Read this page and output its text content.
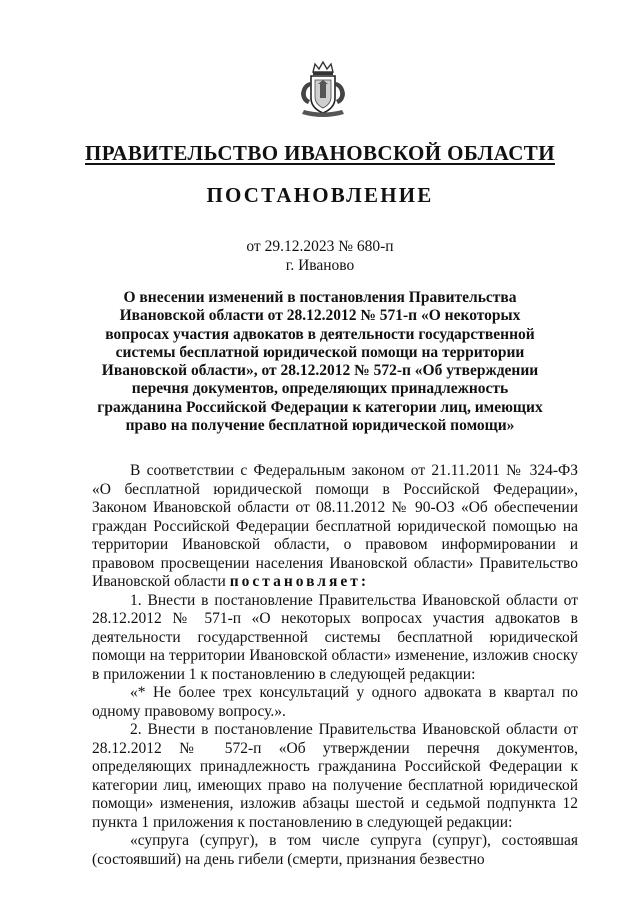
ПРАВИТЕЛЬСТВО ИВАНОВСКОЙ ОБЛАСТИ
ПОСТАНОВЛЕНИЕ
от 29.12.2023 № 680-п
г. Иваново
О внесении изменений в постановления Правительства Ивановской области от 28.12.2012 № 571-п «О некоторых вопросах участия адвокатов в деятельности государственной системы бесплатной юридической помощи на территории Ивановской области», от 28.12.2012 № 572-п «Об утверждении перечня документов, определяющих принадлежность гражданина Российской Федерации к категории лиц, имеющих право на получение бесплатной юридической помощи»

В соответствии с Федеральным законом от 21.11.2011 № 324-ФЗ «О бесплатной юридической помощи в Российской Федерации», Законом Ивановской области от 08.11.2012 № 90-ОЗ «Об обеспечении граждан Российской Федерации бесплатной юридической помощью на территории Ивановской области, о правовом информировании и правовом просвещении населения Ивановской области» Правительство Ивановской области постановляет:

1. Внести в постановление Правительства Ивановской области от 28.12.2012 № 571-п «О некоторых вопросах участия адвокатов в деятельности государственной системы бесплатной юридической помощи на территории Ивановской области» изменение, изложив сноску в приложении 1 к постановлению в следующей редакции:

«* Не более трех консультаций у одного адвоката в квартал по одному правовому вопросу.».

2. Внести в постановление Правительства Ивановской области от 28.12.2012 № 572-п «Об утверждении перечня документов, определяющих принадлежность гражданина Российской Федерации к категории лиц, имеющих право на получение бесплатной юридической помощи» изменения, изложив абзацы шестой и седьмой подпункта 12 пункта 1 приложения к постановлению в следующей редакции:

«супруга (супруг), в том числе супруга (супруг), состоявшая (состоявший) на день гибели (смерти, признания безвестно
